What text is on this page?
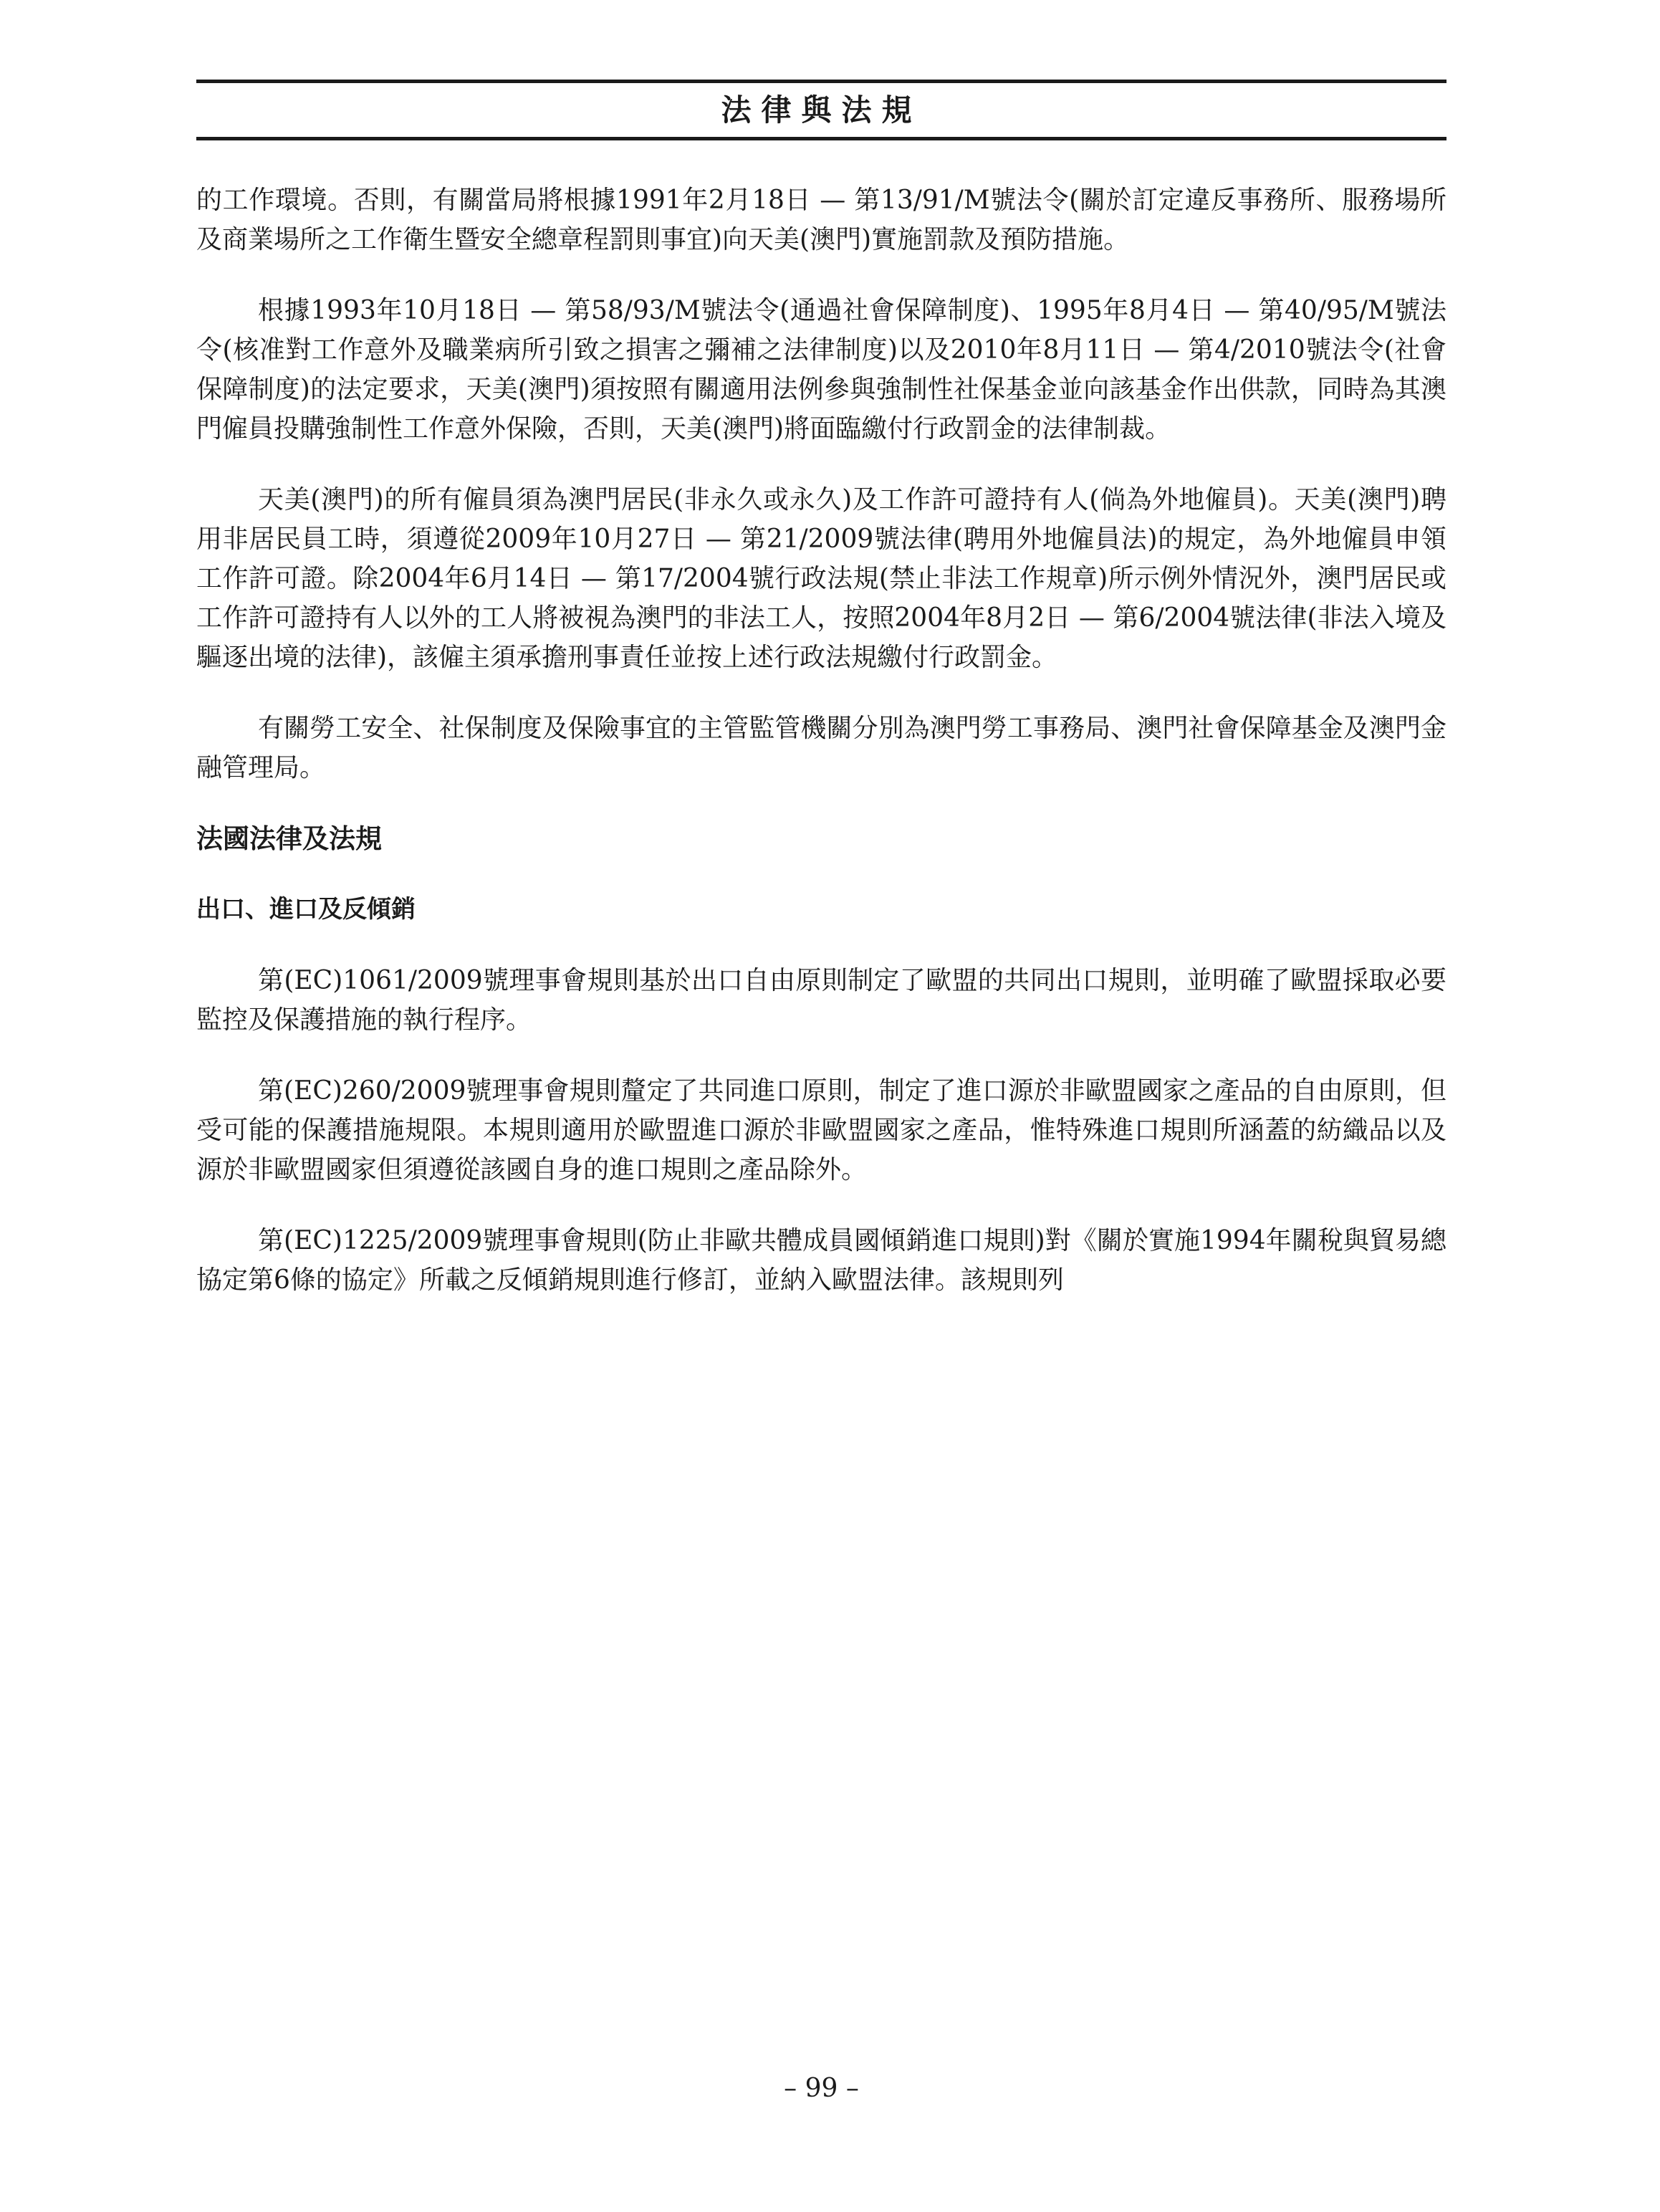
法律與法規

的工作環境。否則，有關當局將根據1991年2月18日 — 第13/91/M號法令(關於訂定違反事務所、服務場所及商業場所之工作衛生暨安全總章程罰則事宜)向天美(澳門)實施罰款及預防措施。

根據1993年10月18日 — 第58/93/M號法令(通過社會保障制度)、1995年8月4日 — 第40/95/M號法令(核准對工作意外及職業病所引致之損害之彌補之法律制度)以及2010年8月11日 — 第4/2010號法令(社會保障制度)的法定要求，天美(澳門)須按照有關適用法例參與強制性社保基金並向該基金作出供款，同時為其澳門僱員投購強制性工作意外保險，否則，天美(澳門)將面臨繳付行政罰金的法律制裁。

天美(澳門)的所有僱員須為澳門居民(非永久或永久)及工作許可證持有人(倘為外地僱員)。天美(澳門)聘用非居民員工時，須遵從2009年10月27日 — 第21/2009號法律(聘用外地僱員法)的規定，為外地僱員申領工作許可證。除2004年6月14日 — 第17/2004號行政法規(禁止非法工作規章)所示例外情況外，澳門居民或工作許可證持有人以外的工人將被視為澳門的非法工人，按照2004年8月2日 — 第6/2004號法律(非法入境及驅逐出境的法律)，該僱主須承擔刑事責任並按上述行政法規繳付行政罰金。

有關勞工安全、社保制度及保險事宜的主管監管機關分別為澳門勞工事務局、澳門社會保障基金及澳門金融管理局。

法國法律及法規
出口、進口及反傾銷

第(EC)1061/2009號理事會規則基於出口自由原則制定了歐盟的共同出口規則，並明確了歐盟採取必要監控及保護措施的執行程序。

第(EC)260/2009號理事會規則釐定了共同進口原則，制定了進口源於非歐盟國家之產品的自由原則，但受可能的保護措施規限。本規則適用於歐盟進口源於非歐盟國家之產品，惟特殊進口規則所涵蓋的紡織品以及源於非歐盟國家但須遵從該國自身的進口規則之產品除外。

第(EC)1225/2009號理事會規則(防止非歐共體成員國傾銷進口規則)對《關於實施1994年關稅與貿易總協定第6條的協定》所載之反傾銷規則進行修訂，並納入歐盟法律。該規則列

– 99 –
